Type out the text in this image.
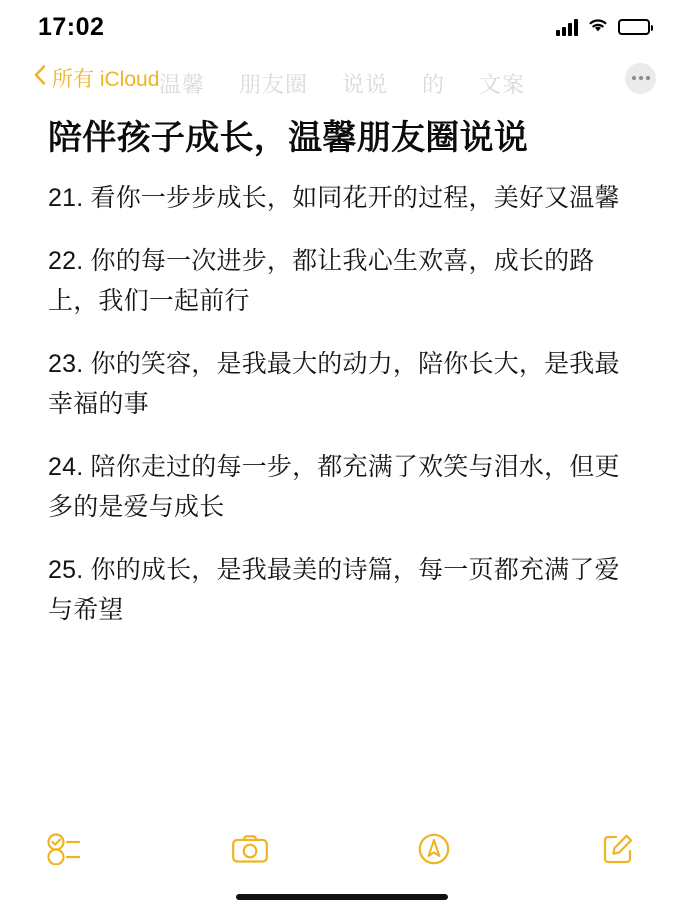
17:02
温馨 朋友圈 说说 的 文案
所有 iCloud
陪伴孩子成长，温馨朋友圈说说

21. 看你一步步成长，如同花开的过程，美好又温馨

22. 你的每一次进步，都让我心生欢喜，成长的路上，我们一起前行

23. 你的笑容，是我最大的动力，陪你长大，是我最幸福的事

24. 陪你走过的每一步，都充满了欢笑与泪水，但更多的是爱与成长

25. 你的成长，是我最美的诗篇，每一页都充满了爱与希望
